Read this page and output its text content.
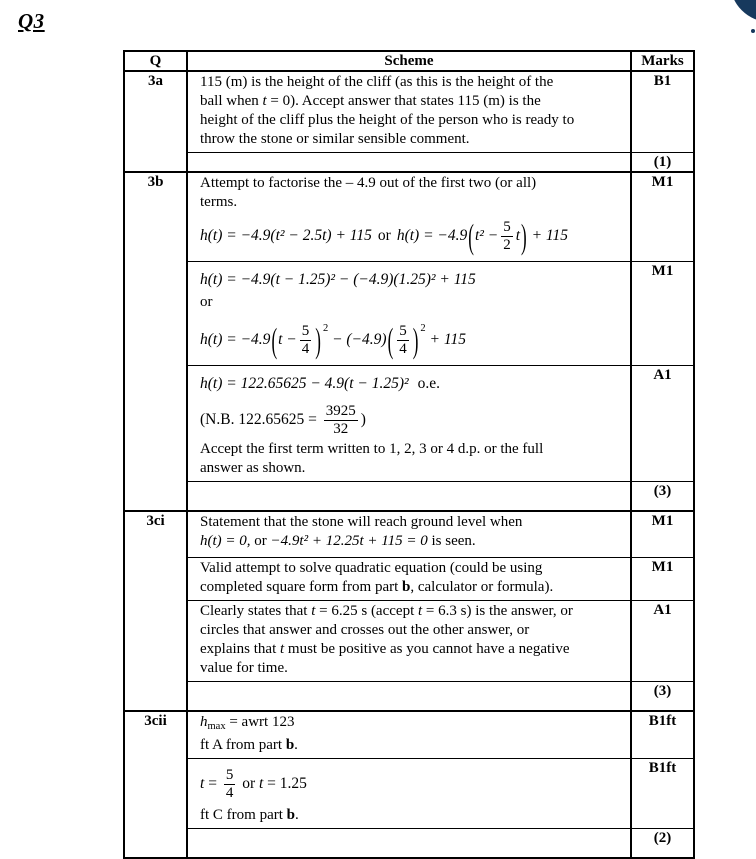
Q3
Q	Scheme	Marks
3a	115 (m) is the height of the cliff (as this is the height of the
ball when t = 0). Accept answer that states 115 (m) is the
height of the cliff plus the height of the person who is ready to
throw the stone or similar sensible comment.
B1
(1)
3b	Attempt to factorise the – 4.9 out of the first two (or all)
terms.
h(t) = −4.9(t² − 2.5t) + 115 or $h(t) = -4.9(t^2 - \frac{5}{2} t) + 115$
M1
h(t) = −4.9(t − 1.25)² − (−4.9)(1.25)² + 115
or
$h(t) = -4.9(t - \frac{5}{4}$ ) $^2 - (-4.9)( \frac{5}{4}$ ) $^2$ + 115
M1
h(t) = 122.65625 − 4.9(t − 1.25)² o.e.
(N.B. $122.65625 = \frac{3925}{32}$ )
Accept the first term written to 1, 2, 3 or 4 d.p. or the full
answer as shown.
A1
(3)
3ci	Statement that the stone will reach ground level when
h(t) = 0, or −4.9t² + 12.25t + 115 = 0 is seen.
M1
Valid attempt to solve quadratic equation (could be using
completed square form from part b, calculator or formula).
M1
Clearly states that t = 6.25 s (accept t = 6.3 s) is the answer, or
circles that answer and crosses out the other answer, or
explains that t must be positive as you cannot have a negative
value for time.
A1
(3)
3cii	$h_{max}$ = awrt 123
ft A from part b.
B1ft
$t = \frac{5}{4}$ or t = 1.25
ft C from part b.
B1ft
(2)
